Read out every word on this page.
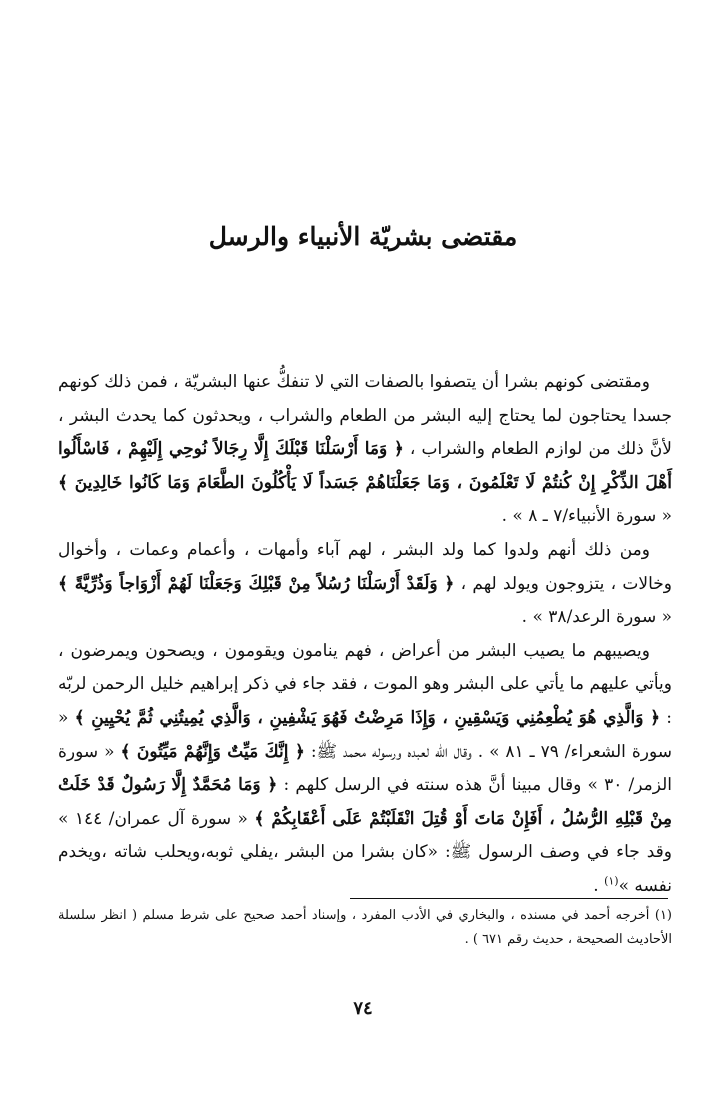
مقتضى بشريّة الأنبياء والرسل

ومقتضى كونهم بشرا أن يتصفوا بالصفات التي لا تنفكُّ عنها البشريّة ، فمن ذلك كونهم جسدا يحتاجون لما يحتاج إليه البشر من الطعام والشراب ، ويحدثون كما يحدث البشر ، لأنَّ ذلك من لوازم الطعام والشراب ، ﴿ وَمَا أَرْسَلْنَا قَبْلَكَ إِلَّا رِجَالاً نُوحِي إِلَيْهِمْ ، فَاسْأَلُوا أَهْلَ الذِّكْرِ إِنْ كُنتُمْ لَا تَعْلَمُونَ ، وَمَا جَعَلْنَاهُمْ جَسَداً لَا يَأْكُلُونَ الطَّعَامَ وَمَا كَانُوا خَالِدِينَ ﴾ « سورة الأنبياء/٧ ـ ٨ » .

ومن ذلك أنهم ولدوا كما ولد البشر ، لهم آباء وأمهات ، وأعمام وعمات ، وأخوال وخالات ، يتزوجون ويولد لهم ، ﴿ وَلَقَدْ أَرْسَلْنَا رُسُلاً مِنْ قَبْلِكَ وَجَعَلْنَا لَهُمْ أَزْوَاجاً وَذُرِّيَّةً ﴾ « سورة الرعد/٣٨ » .

ويصيبهم ما يصيب البشر من أعراض ، فهم ينامون ويقومون ، ويصحون ويمرضون ، ويأتي عليهم ما يأتي على البشر وهو الموت ، فقد جاء في ذكر إبراهيم خليل الرحمن لربّه : ﴿ وَالَّذِي هُوَ يُطْعِمُنِي وَيَسْقِينِ ، وَإِذَا مَرِضْتُ فَهُوَ يَشْفِينِ ، وَالَّذِي يُمِيتُنِي ثُمَّ يُحْيِينِ ﴾ « سورة الشعراء/ ٧٩ ـ ٨١ » . وقال الله لعبده ورسوله محمد ﷺ: ﴿ إِنَّكَ مَيِّتٌ وَإِنَّهُمْ مَيِّتُونَ ﴾ « سورة الزمر/ ٣٠ » وقال مبينا أنَّ هذه سنته في الرسل كلهم : ﴿ وَمَا مُحَمَّدٌ إِلَّا رَسُولٌ قَدْ خَلَتْ مِنْ قَبْلِهِ الرُّسُلُ ، أَفَإِنْ مَاتَ أَوْ قُتِلَ انْقَلَبْتُمْ عَلَى أَعْقَابِكُمْ ﴾ « سورة آل عمران/ ١٤٤ » وقد جاء في وصف الرسول ﷺ: «كان بشرا من البشر ،يفلي ثوبه،ويحلب شاته ،ويخدم نفسه »$^{(١)}$ .

(١) أخرجه أحمد في مسنده ، والبخاري في الأدب المفرد ، وإسناد أحمد صحيح على شرط مسلم ( انظر سلسلة الأحاديث الصحيحة ، حديث رقم ٦٧١ ) .

٧٤
